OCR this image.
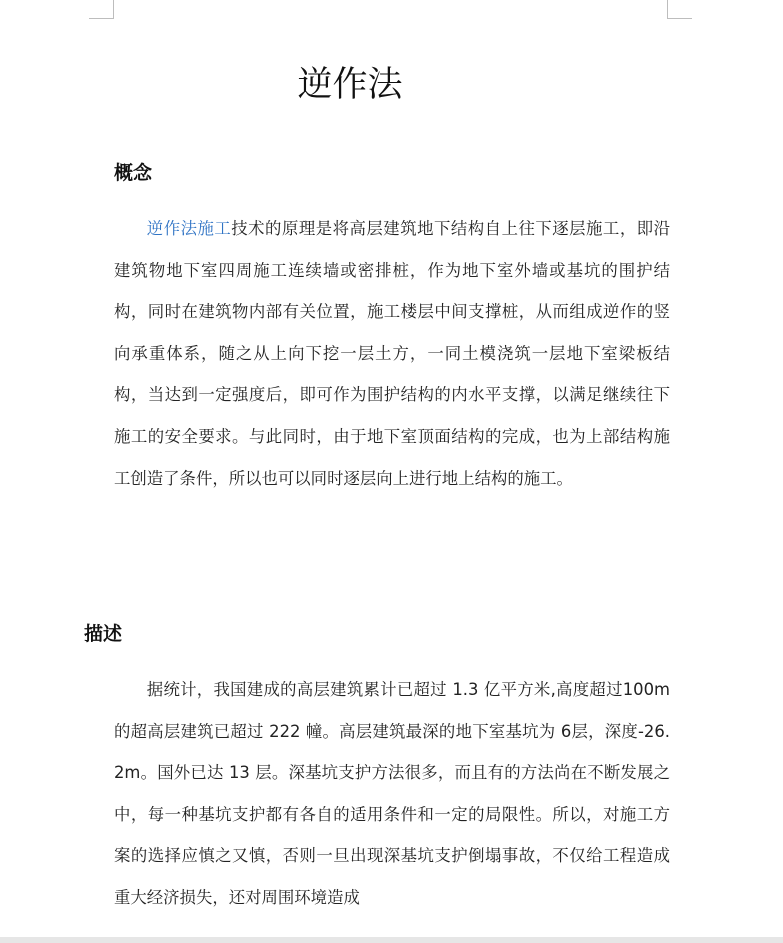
逆作法
概念

逆作法施工技术的原理是将高层建筑地下结构自上往下逐层施工，即沿建筑物地下室四周施工连续墙或密排桩，作为地下室外墙或基坑的围护结构，同时在建筑物内部有关位置，施工楼层中间支撑桩，从而组成逆作的竖向承重体系，随之从上向下挖一层土方，一同土模浇筑一层地下室梁板结构，当达到一定强度后，即可作为围护结构的内水平支撑，以满足继续往下施工的安全要求。与此同时，由于地下室顶面结构的完成，也为上部结构施工创造了条件，所以也可以同时逐层向上进行地上结构的施工。

描述

据统计，我国建成的高层建筑累计已超过 1.3 亿平方米,高度超过100m 的超高层建筑已超过 222 幢。高层建筑最深的地下室基坑为 6层，深度-26.2m。国外已达 13 层。深基坑支护方法很多，而且有的方法尚在不断发展之中，每一种基坑支护都有各自的适用条件和一定的局限性。所以，对施工方案的选择应慎之又慎，否则一旦出现深基坑支护倒塌事故，不仅给工程造成重大经济损失，还对周围环境造成
